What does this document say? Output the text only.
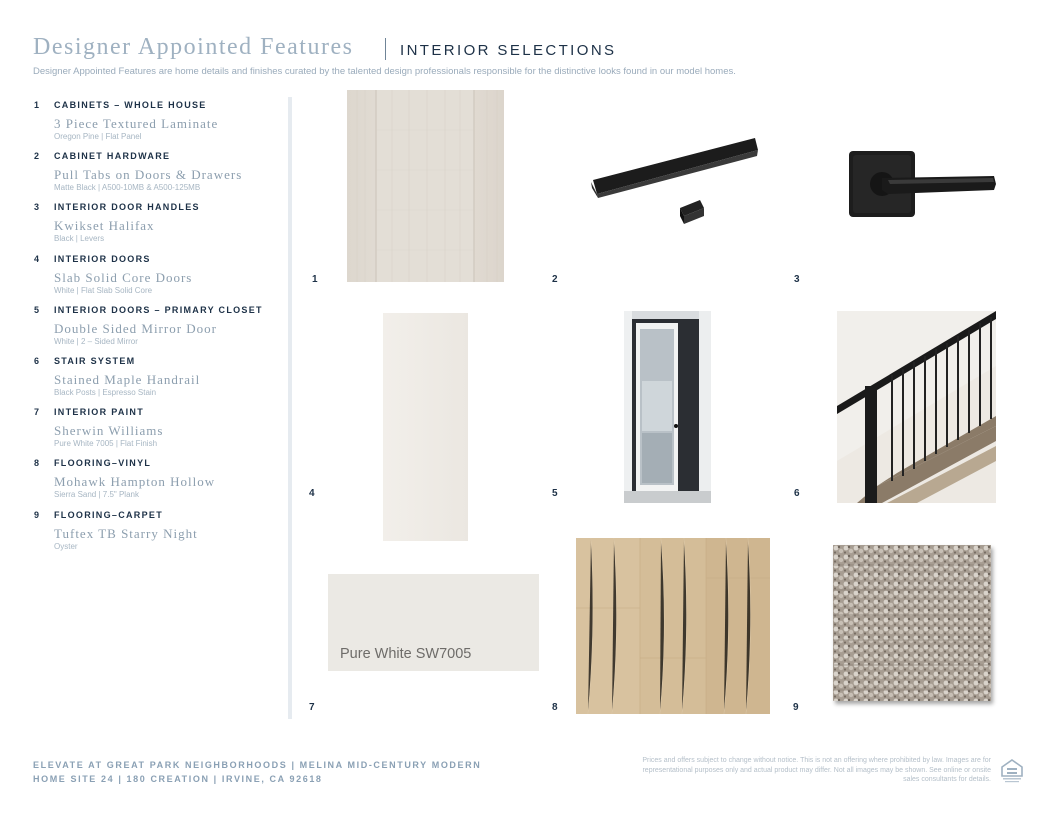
Designer Appointed Features	INTERIOR SELECTIONS
Designer Appointed Features are home details and finishes curated by the talented design professionals responsible for the distinctive looks found in our model homes.
1 CABINETS – WHOLE HOUSE
3 Piece Textured Laminate
Oregon Pine | Flat Panel
2 CABINET HARDWARE
Pull Tabs on Doors & Drawers
Matte Black | A500-10MB & A500-125MB
3 INTERIOR DOOR HANDLES
Kwikset Halifax
Black | Levers
4 INTERIOR DOORS
Slab Solid Core Doors
White | Flat Slab Solid Core
5 INTERIOR DOORS – PRIMARY CLOSET
Double Sided Mirror Door
White | 2 – Sided Mirror
6 STAIR SYSTEM
Stained Maple Handrail
Black Posts | Espresso Stain
7 INTERIOR PAINT
Sherwin Williams
Pure White 7005 | Flat Finish
8 FLOORING–VINYL
Mohawk Hampton Hollow
Sierra Sand | 7.5" Plank
9 FLOORING–CARPET
Tuftex TB Starry Night
Oyster
1	2	3
4	5	6
Pure White SW7005
7	8	9
ELEVATE AT GREAT PARK NEIGHBORHOODS | MELINA MID-CENTURY MODERN
HOME SITE 24 | 180 CREATION | IRVINE, CA 92618
Prices and offers subject to change without notice. This is not an offering where prohibited by law. Images are for representational purposes only and actual product may differ. Not all images may be shown. See online or onsite sales consultants for details.
